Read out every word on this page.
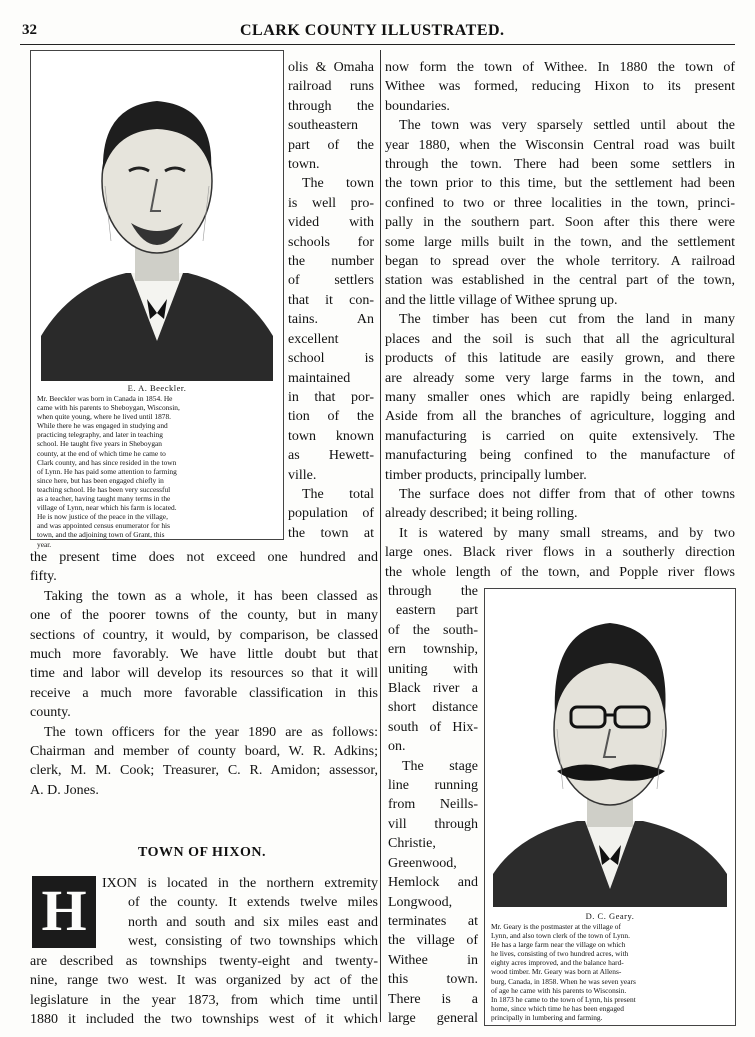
32	CLARK COUNTY ILLUSTRATED.
E. A. Beeckler.
Mr. Beeckler was born in Canada in 1854. He
came with his parents to Sheboygan, Wisconsin,
when quite young, where he lived until 1878.
While there he was engaged in studying and
practicing telegraphy, and later in teaching
school. He taught five years in Sheboygan
county, at the end of which time he came to
Clark county, and has since resided in the town
of Lynn. He has paid some attention to farming
since here, but has been engaged chiefly in
teaching school. He has been very successful
as a teacher, having taught many terms in the
village of Lynn, near which his farm is located.
He is now justice of the peace in the village,
and was appointed census enumerator for his
town, and the adjoining town of Grant, this
year.
olis & Omaha
railroad runs
through the
southeastern
part of the
town.
The town
is well pro-
vided with
schools for
the number
of settlers
that it con-
tains. An
excellent
school is
maintained
in that por-
tion of the
town known
as Hewett-
ville.
The total
population of
the town at
the present time does not exceed one hundred and
fifty.
Taking the town as a whole, it has been classed as
one of the poorer towns of the county, but in many
sections of country, it would, by comparison, be classed
much more favorably. We have little doubt but that
time and labor will develop its resources so that it will
receive a much more favorable classification in this
county.
The town officers for the year 1890 are as follows:
Chairman and member of county board, W. R. Adkins;
clerk, M. M. Cook; Treasurer, C. R. Amidon; assessor,
A. D. Jones.
TOWN OF HIXON.
H	IXON is located in the northern extremity
of the county. It extends twelve miles
north and south and six miles east and
west, consisting of two townships which
are described as townships twenty-eight and twenty-
nine, range two west. It was organized by act of the
legislature in the year 1873, from which time until
1880 it included the two townships west of it which
now form the town of Withee. In 1880 the town of
Withee was formed, reducing Hixon to its present
boundaries.
The town was very sparsely settled until about the
year 1880, when the Wisconsin Central road was built
through the town. There had been some settlers in
the town prior to this time, but the settlement had been
confined to two or three localities in the town, princi-
pally in the southern part. Soon after this there were
some large mills built in the town, and the settlement
began to spread over the whole territory. A railroad
station was established in the central part of the town,
and the little village of Withee sprung up.
The timber has been cut from the land in many
places and the soil is such that all the agricultural
products of this latitude are easily grown, and there
are already some very large farms in the town, and
many smaller ones which are rapidly being enlarged.
Aside from all the branches of agriculture, logging and
manufacturing is carried on quite extensively. The
manufacturing being confined to the manufacture of
timber products, principally lumber.
The surface does not differ from that of other towns
already described; it being rolling.
It is watered by many small streams, and by two
large ones. Black river flows in a southerly direction
the whole length of the town, and Popple river flows
through the
eastern part
of the south-
ern township,
uniting with
Black river a
short distance
south of Hix-
on.
The stage
line running
from Neills-
vill through
Christie,
Greenwood,
Hemlock and
Longwood,
terminates at
the village of
Withee in
this town.
There is a
large general
D. C. Geary.
Mr. Geary is the postmaster at the village of
Lynn, and also town clerk of the town of Lynn.
He has a large farm near the village on which
he lives, consisting of two hundred acres, with
eighty acres improved, and the balance hard-
wood timber. Mr. Geary was born at Allens-
burg, Canada, in 1858. When he was seven years
of age he came with his parents to Wisconsin.
In 1873 he came to the town of Lynn, his present
home, since which time he has been engaged
principally in lumbering and farming.
